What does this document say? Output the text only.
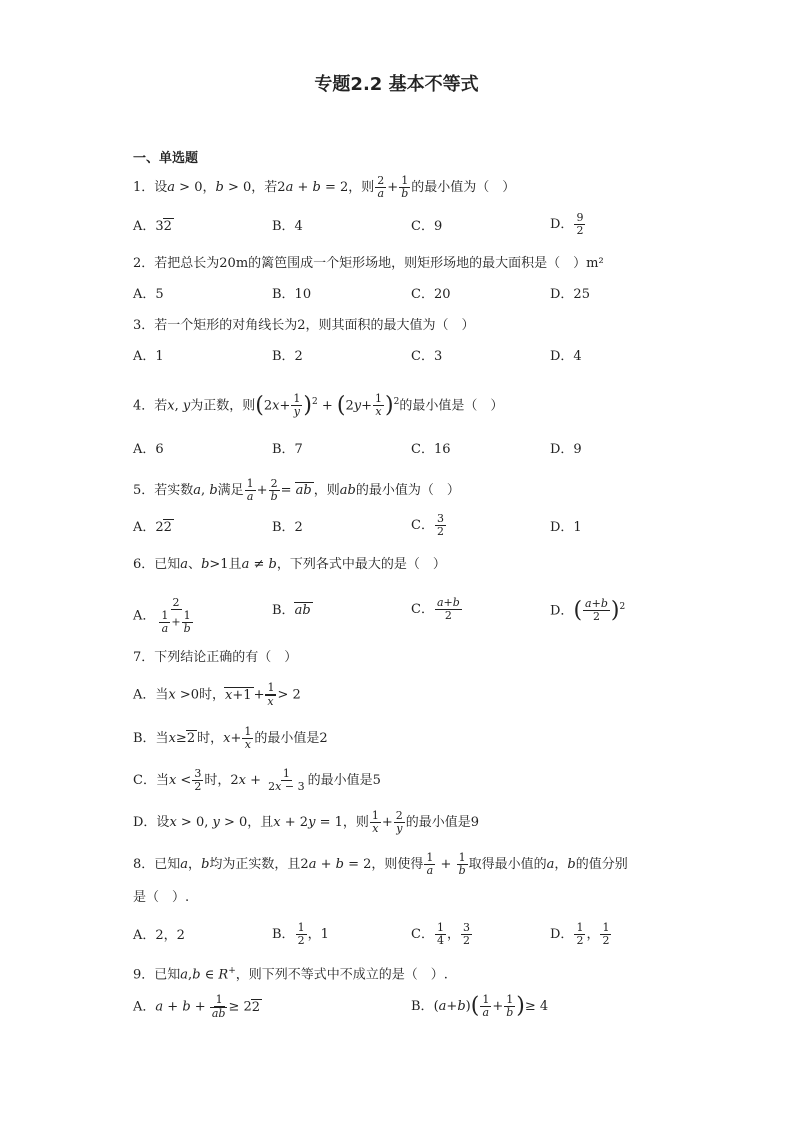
专题2.2 基本不等式
一、单选题
1．设a > 0，b > 0，若2a + b = 2，则 $\frac{2}{a} + \frac{1}{b}$ 的最小值为（　）
A．32	B．4	C．9	D． $\frac{9}{2}$
2．若把总长为20m的篱笆围成一个矩形场地，则矩形场地的最大面积是（　）m²
A．5	B．10	C．20	D．25
3．若一个矩形的对角线长为2，则其面积的最大值为（　）
A．1	B．2	C．3	D．4
4．若x, y为正数，则$(2x+ \frac{1}{y} )^2 + (2y+ \frac{1}{x} )^2$的最小值是（　）
A．6	B．7	C．16	D．9
5．若实数a, b满足 $\frac{1}{a} + \frac{2}{b}$ = ab ，则ab的最小值为（　）
A．22	B．2	C． $\frac{3}{2}$	D．1
6．已知a、b>1且a ≠ b，下列各式中最大的是（　）
A． $\frac{2}{\frac{1}{a} + \frac{1}{b}}$	B．ab	C． $\frac{a+b}{2}$	D．( $\frac{a+b}{2} )^2$
7．下列结论正确的有（　）
A．当x >0时，$x+1 + \frac{1}{x} > 2$
B．当x≥2 时，$x+ \frac{1}{x}$ 的最小值是2
C．当$x < \frac{3}{2}$ 时，$2x + \frac{1}{2x - 3}$ 的最小值是5
D．设x > 0, y > 0，且x + 2y = 1，则 $\frac{1}{x} + \frac{2}{y}$ 的最小值是9
8．已知a，b均为正实数，且2a + b = 2，则使得 $\frac{1}{a} + \frac{1}{b}$ 取得最小值的a，b的值分别
是（　）.
A．2，2	B． $\frac{1}{2}$ ，1	C． $\frac{1}{4}$ ， $\frac{3}{2}$	D． $\frac{1}{2}$ ， $\frac{1}{2}$
9．已知a,b ∈ R+，则下列不等式中不成立的是（　）.
A．$a + b + \frac{1}{ab} \ge 22$	B．$(a+b)( \frac{1}{a} + \frac{1}{b}$ )≥ 4
